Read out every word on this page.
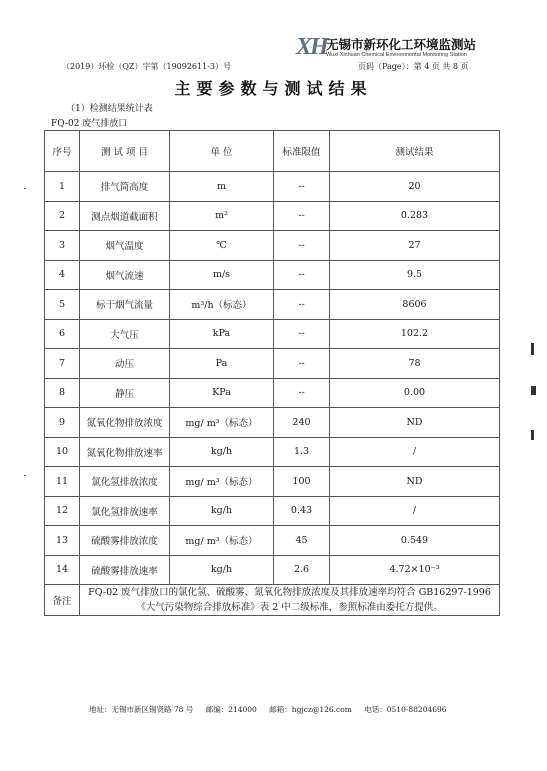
XH 无锡市新环化工环境监测站
Wuxi Xinhuan Chemical Environmental Monitoring Station
（2019）环检（QZ）字第（19092611-3）号	页码（Page）：第 4 页 共 8 页
主要参数与测试结果
（1）检测结果统计表
FQ-02 废气排放口
序号	测 试 项 目	单 位	标准限值	测试结果
1	排气筒高度	m	--	20
2	测点烟道截面积	m²	--	0.283
3	烟气温度	℃	--	27
4	烟气流速	m/s	--	9.5
5	标干烟气流量	m³/h（标态）	--	8606
6	大气压	kPa	--	102.2
7	动压	Pa	--	78
8	静压	KPa	--	0.00
9	氮氧化物排放浓度	mg/ m³（标态）	240	ND
10	氮氧化物排放速率	kg/h	1.3	/
11	氯化氢排放浓度	mg/ m³（标态）	100	ND
12	氯化氢排放速率	kg/h	0.43	/
13	硫酸雾排放浓度	mg/ m³（标态）	45	0.549
14	硫酸雾排放速率	kg/h	2.6	4.72×10⁻³
备注	FQ-02 废气排放口的氯化氢、硫酸雾、氮氧化物排放浓度及其排放速率均符合 GB16297-1996《大气污染物综合排放标准》表 2 中二级标准，参照标准由委托方提供。			
地址：无锡市新区锡贤路 78 号 邮编：214000 邮箱：hgjcz@126.com 电话：0510-88204696
